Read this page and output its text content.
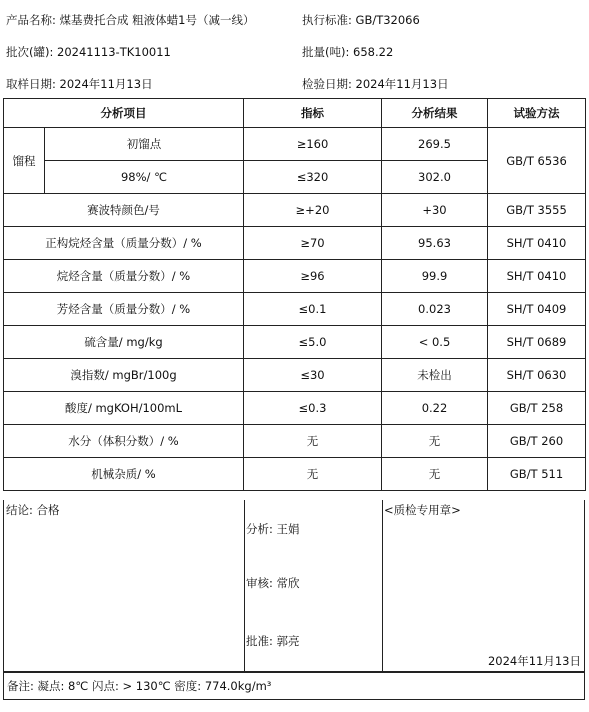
产品名称: 煤基费托合成 粗液体蜡1号（减一线）	执行标准: GB/T32066
批次(罐): 20241113-TK10011	批量(吨): 658.22
取样日期: 2024年11月13日	检验日期: 2024年11月13日
分析项目		指标	分析结果	试验方法
馏程	初馏点	≥160	269.5	GB/T 6536
	98%/ ℃	≤320	302.0	
赛波特颜色/号		≥+20	+30	GB/T 3555
正构烷烃含量（质量分数）/ %		≥70	95.63	SH/T 0410
烷烃含量（质量分数）/ %		≥96	99.9	SH/T 0410
芳烃含量（质量分数）/ %		≤0.1	0.023	SH/T 0409
硫含量/ mg/kg		≤5.0	< 0.5	SH/T 0689
溴指数/ mgBr/100g		≤30	未检出	SH/T 0630
酸度/ mgKOH/100mL		≤0.3	0.22	GB/T 258
水分（体积分数）/ %		无	无	GB/T 260
机械杂质/ %		无	无	GB/T 511
结论: 合格
分析: 王娟
审核: 常欣
批准: 郭亮
<质检专用章>
2024年11月13日
备注: 凝点: 8℃ 闪点: > 130℃ 密度: 774.0kg/m³
